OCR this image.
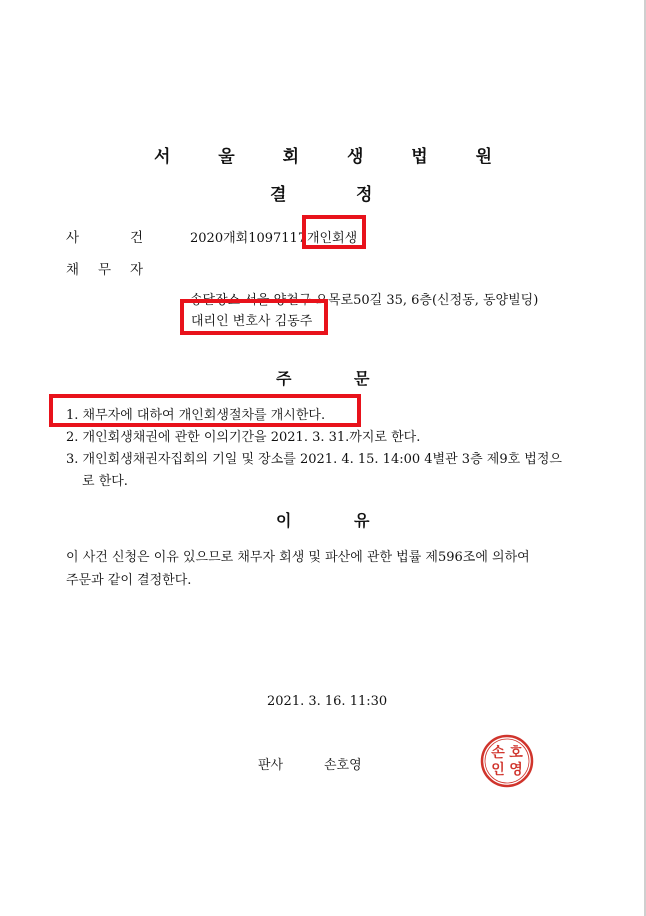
서 울 회 생 법 원
결	정
사	건	2020개회1097117 개인회생
채 무 자
송달장소 서울 양천구 오목로50길 35, 6층(신정동, 동양빌딩)
대리인 변호사 김동주
주	문
1. 채무자에 대하여 개인회생절차를 개시한다.
2. 개인회생채권에 관한 이의기간을 2021. 3. 31.까지로 한다.
3. 개인회생채권자집회의 기일 및 장소를 2021. 4. 15. 14:00 4별관 3층 제9호 법정으
로 한다.
이	유
이 사건 신청은 이유 있으므로 채무자 회생 및 파산에 관한 법률 제596조에 의하여
주문과 같이 결정한다.
2021. 3. 16. 11:30
판사	손호영	인 영
호
손
